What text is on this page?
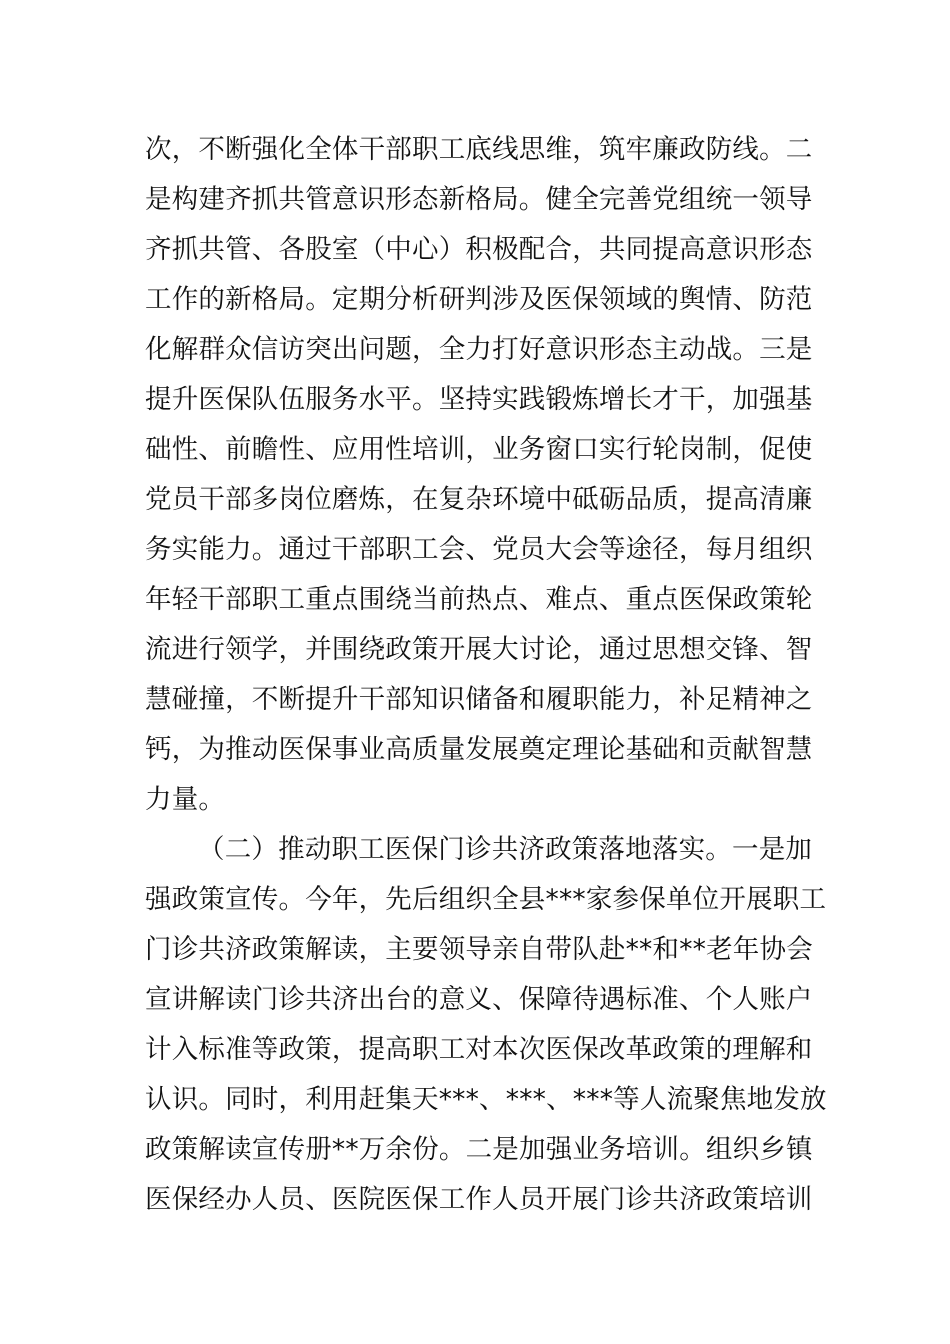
次，不断强化全体干部职工底线思维，筑牢廉政防线。二
是构建齐抓共管意识形态新格局。健全完善党组统一领导
齐抓共管、各股室（中心）积极配合，共同提高意识形态
工作的新格局。定期分析研判涉及医保领域的舆情、防范
化解群众信访突出问题，全力打好意识形态主动战。三是
提升医保队伍服务水平。坚持实践锻炼增长才干，加强基
础性、前瞻性、应用性培训，业务窗口实行轮岗制，促使
党员干部多岗位磨炼，在复杂环境中砥砺品质，提高清廉
务实能力。通过干部职工会、党员大会等途径，每月组织
年轻干部职工重点围绕当前热点、难点、重点医保政策轮
流进行领学，并围绕政策开展大讨论，通过思想交锋、智
慧碰撞，不断提升干部知识储备和履职能力，补足精神之
钙，为推动医保事业高质量发展奠定理论基础和贡献智慧
力量。
（二）推动职工医保门诊共济政策落地落实。一是加
强政策宣传。今年，先后组织全县***家参保单位开展职工
门诊共济政策解读，主要领导亲自带队赴**和**老年协会
宣讲解读门诊共济出台的意义、保障待遇标准、个人账户
计入标准等政策，提高职工对本次医保改革政策的理解和
认识。同时，利用赶集天***、***、***等人流聚焦地发放
政策解读宣传册**万余份。二是加强业务培训。组织乡镇
医保经办人员、医院医保工作人员开展门诊共济政策培训
